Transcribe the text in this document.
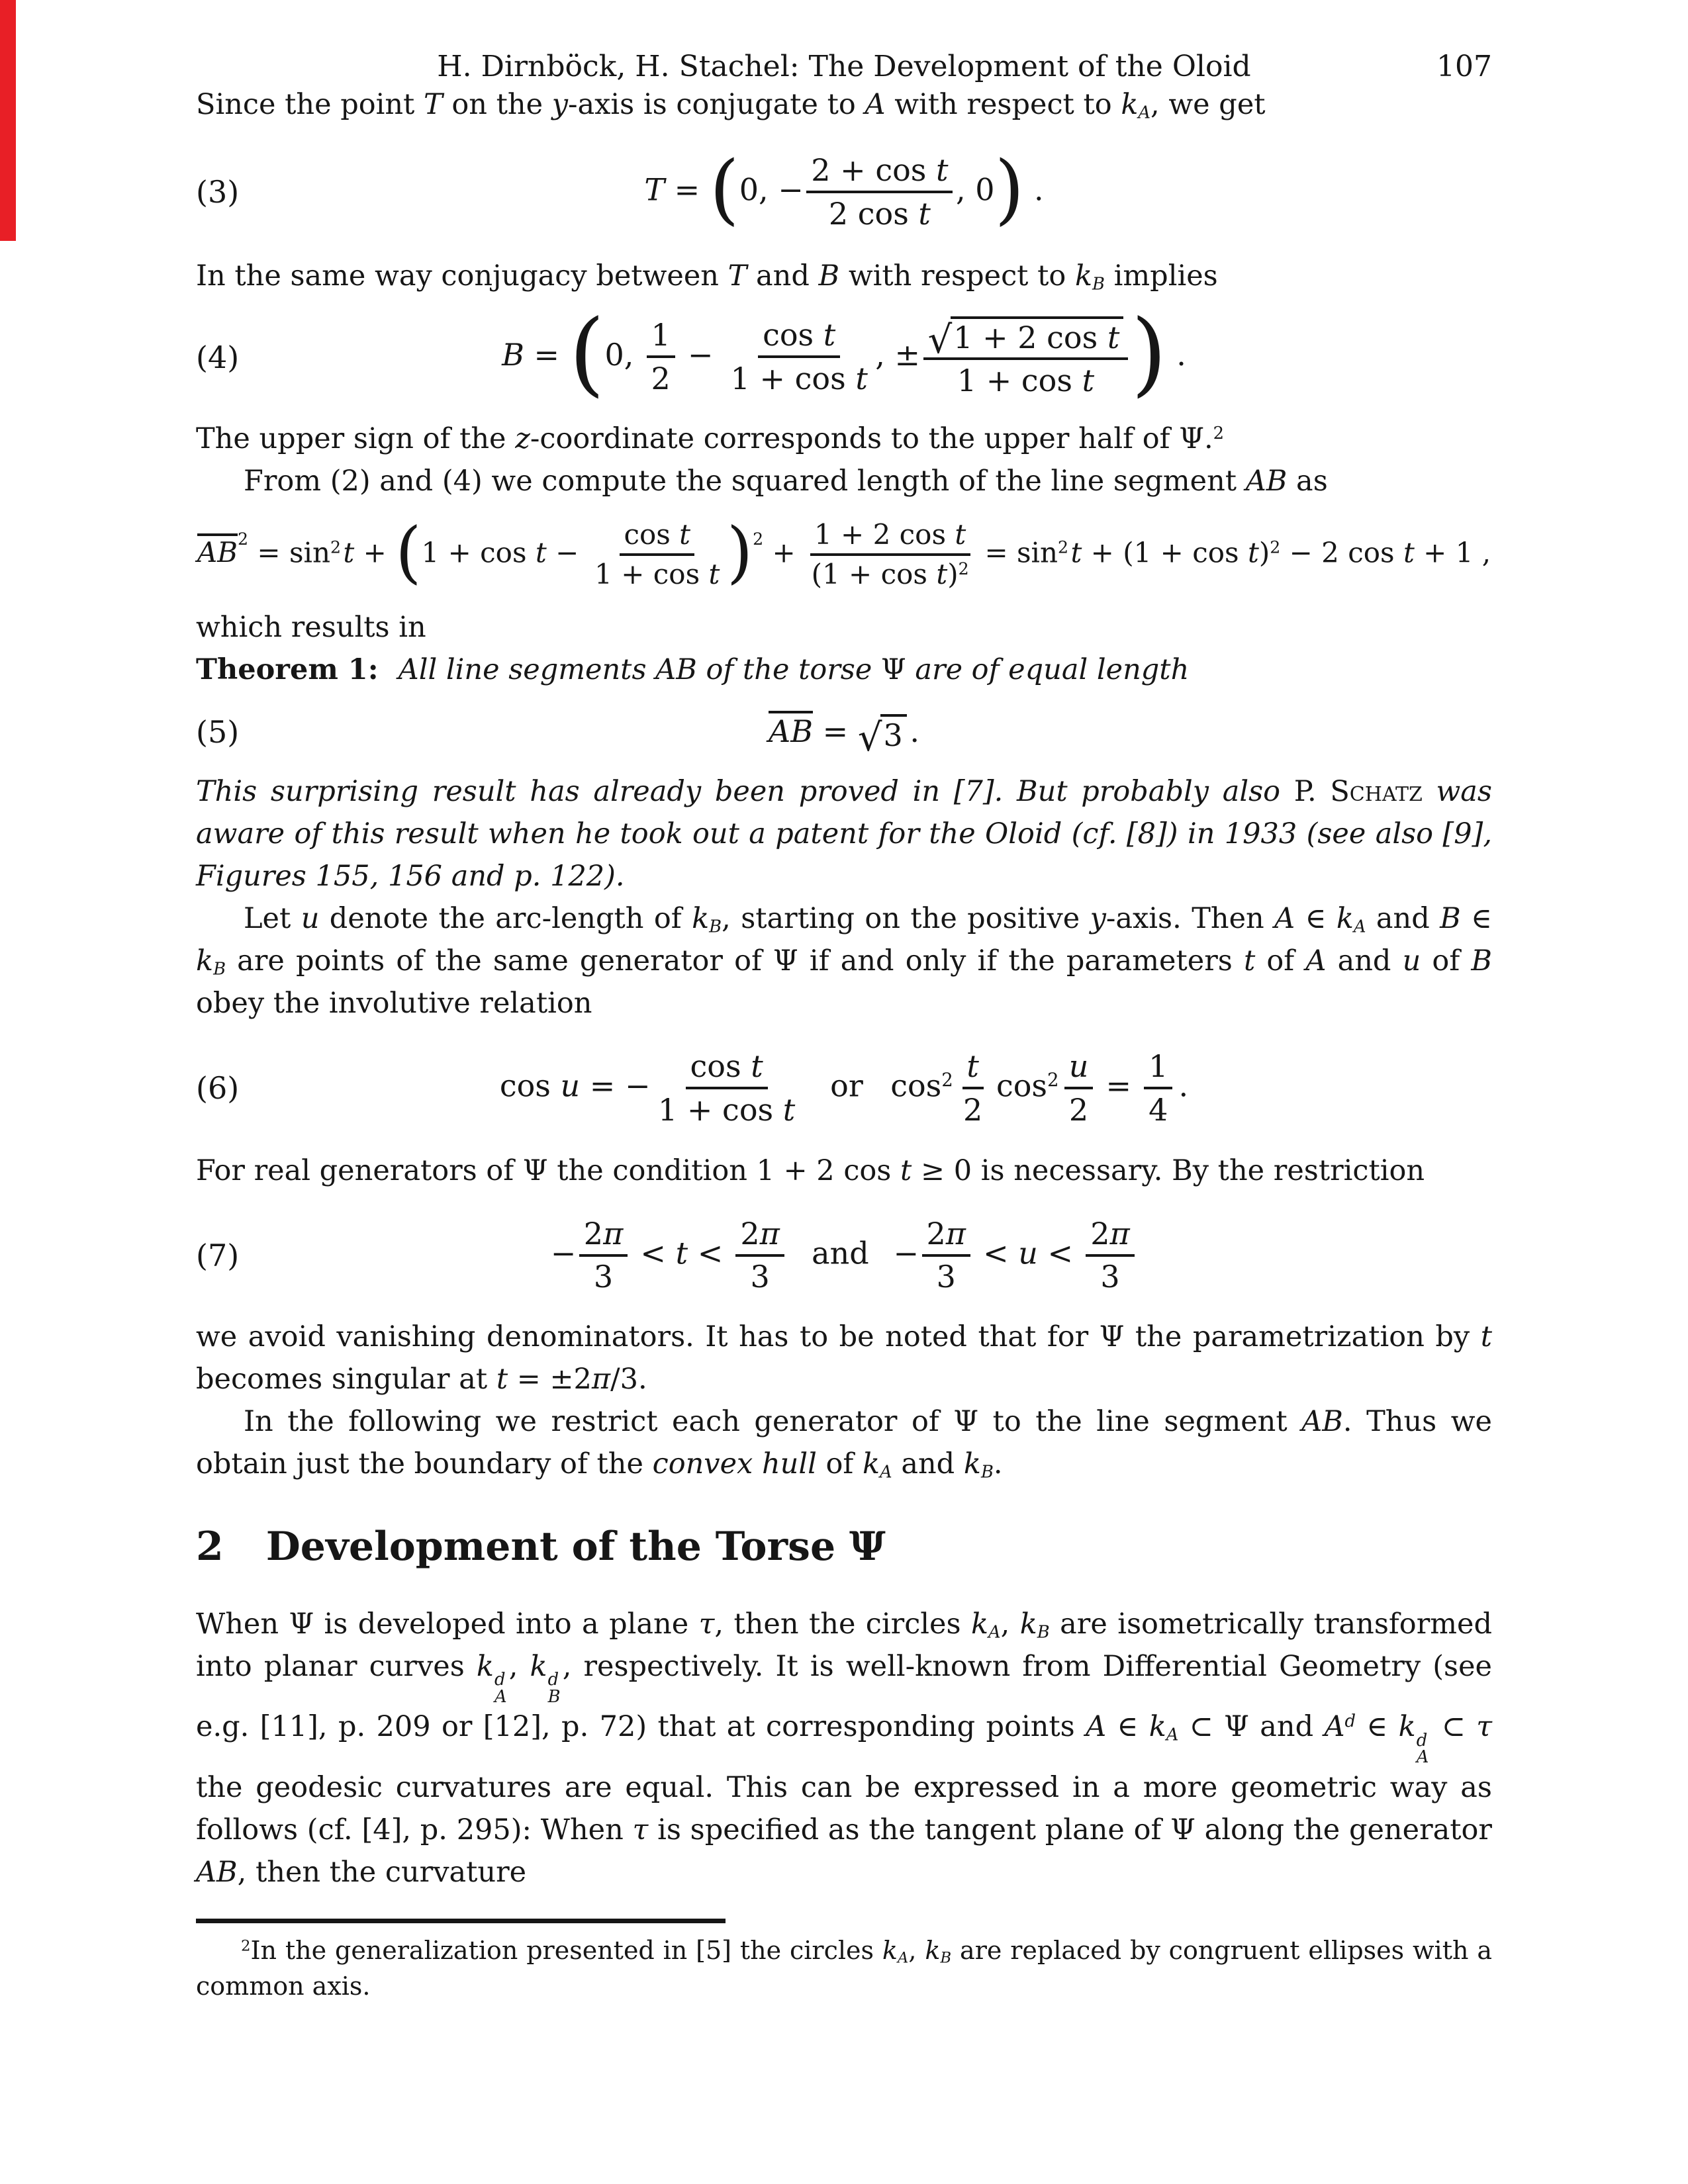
H. Dirnböck, H. Stachel: The Development of the Oloid	107

Since the point T on the y-axis is conjugate to A with respect to kA, we get

(3)	T = (0, − $\frac{\text{2 + cos t}}{\text{2 cos t}}$ , 0) .

In the same way conjugacy between T and B with respect to kB implies

(4)	B = (0, $\frac{1}{2} - \frac{\text{cos t}}{\text{1 + cos t}}$ , ± $\frac{\text{√ 1 + 2 cos t}}{\text{1 + cos t}}$ ) .

The upper sign of the z-coordinate corresponds to the upper half of Ψ.$^2$

From (2) and (4) we compute the squared length of the line segment AB as

$AB^2 = \sin^2t + (1 + \cos t - \frac{\text{cos t}}{\text{1 + cos t}} )^2 + \frac{\text{1 + 2 cos t}}{(1 + \cos t)^2} = \sin^2t + (1 + \cos t)^2 - 2$ cos t + 1 ,

which results in

Theorem 1: All line segments AB of the torse Ψ are of equal length

(5)	AB = √ 3 .

This surprising result has already been proved in [7]. But probably also P. Schatz was aware of this result when he took out a patent for the Oloid (cf. [8]) in 1933 (see also [9], Figures 155, 156 and p. 122).

Let u denote the arc-length of kB, starting on the positive y-axis. Then A ∈ kA and B ∈ kB are points of the same generator of Ψ if and only if the parameters t of A and u of B obey the involutive relation

(6)	cos u = − $\frac{\text{cos t}}{\text{1 + cos t}}$ or $\cos^2 \frac{t}{2} \cos^2 \frac{u}{2} = \frac{1}{4}$ .

For real generators of Ψ the condition 1 + 2 cos t ≥ 0 is necessary. By the restriction

(7)	− $\frac{2\pi}{3} < t < \frac{2\pi}{3}$ and − $\frac{2\pi}{3} < u < \frac{2\pi}{3}$

we avoid vanishing denominators. It has to be noted that for Ψ the parametrization by t becomes singular at t = ±2π/3.

In the following we restrict each generator of Ψ to the line segment AB. Thus we obtain just the boundary of the convex hull of kA and kB.

2 Development of the Torse Ψ

When Ψ is developed into a plane τ, then the circles kA, kB are isometrically transformed into planar curves k d
A
, k d
B
, respectively. It is well-known from Differential Geometry (see e.g. [11], p. 209 or [12], p. 72) that at corresponding points A ∈ kA ⊂ Ψ and $A^d$ ∈ k d
A
⊂ τ the geodesic curvatures are equal. This can be expressed in a more geometric way as follows (cf. [4], p. 295): When τ is specified as the tangent plane of Ψ along the generator AB, then the curvature

$^2$In the generalization presented in [5] the circles kA, kB are replaced by congruent ellipses with a common axis.
